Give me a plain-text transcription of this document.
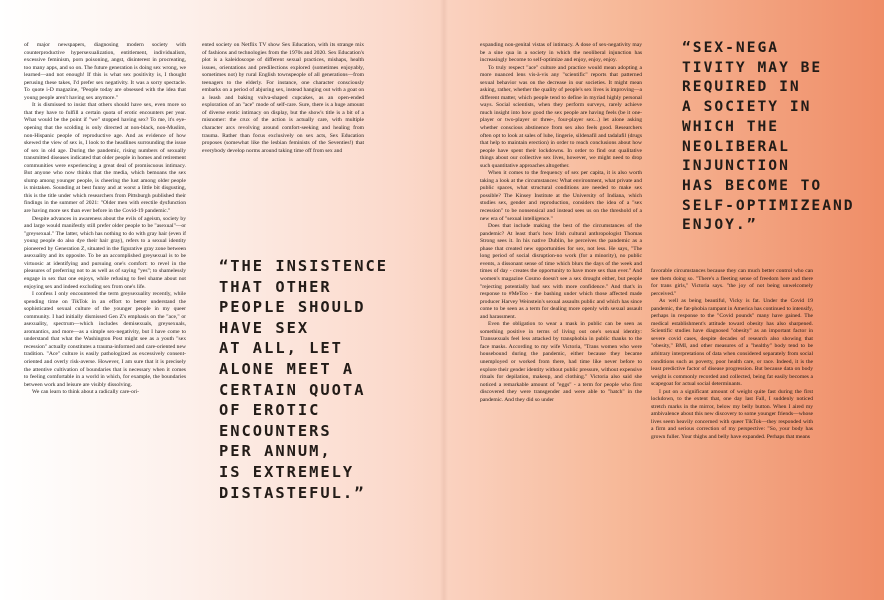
of major newspapers, diagnosing modern society with counterproductive hypersexualization, entitlement, individualism, excessive feminism, porn poisoning, angst, disinterest in procreating, too many apps, and so on. The future generation is doing sex wrong, we learned—and not enough! If this is what sex positivity is, I thought perusing these takes, I'd prefer sex negativity. It was a sorry spectacle. To quote i-D magazine, "People today are obsessed with the idea that young people aren't having sex anymore."

It is dismissed to insist that others should have sex, even more so that they have to fulfill a certain quota of erotic encounters per year. What would be the point if "we" stopped having sex? To me, it's eye-opening that the scolding is only directed at non-black, non-Muslim, non-Hispanic people of reproductive age. And as evidence of how skewed the view of sex is, I look to the headlines surrounding the issue of sex in old age. During the pandemic, rising numbers of sexually transmitted diseases indicated that older people in homes and retirement communities were experiencing a great deal of promiscuous intimacy. But anyone who now thinks that the media, which bemoans the sex slump among younger people, is cheering the lust among older people is mistaken. Sounding at best funny and at worst a little bit disgusting, this is the title under which researchers from Pittsburgh published their findings in the summer of 2021: "Older men with erectile dysfunction are having more sex than ever before in the Covid-19 pandemic."

Despite advances in awareness about the evils of ageism, society by and large would manifestly still prefer older people to be "asexual"—or "greysexual." The latter, which has nothing to do with gray hair (even if young people do also dye their hair gray), refers to a sexual identity pioneered by Generation Z, situated in the figurative gray zone between asexuality and its opposite. To be an accomplished greysexual is to be virtuosic at identifying and pursuing one's comfort: to revel in the pleasures of preferring not to as well as of saying "yes"; to shamelessly engage in sex that one enjoys, while refusing to feel shame about not enjoying sex and indeed excluding sex from one's life.

I confess I only encountered the term greysexuality recently, while spending time on TikTok in an effort to better understand the sophisticated sexual culture of the younger people in my queer community. I had initially dismissed Gen Z's emphasis on the "ace," or asexuality, spectrum—which includes demisexuals, greysexuals, aromantics, and more—as a simple sex-negativity, but I have come to understand that what the Washington Post might see as a youth "sex recession" actually constitutes a trauma-informed and care-oriented new tradition. "Ace" culture is easily pathologized as excessively consent-oriented and overly risk-averse. However, I am sure that it is precisely the attentive cultivation of boundaries that is necessary when it comes to feeling comfortable in a world in which, for example, the boundaries between work and leisure are visibly dissolving.

We can learn to think about a radically care-ori-

ented society on Netflix TV show Sex Education, with its strange mix of fashions and technologies from the 1970s and 2020. Sex Education's plot is a kaleidoscope of different sexual practices, mishaps, health issues, orientations and predilections explored (sometimes enjoyably, sometimes not) by rural English townspeople of all generations—from teenagers to the elderly. For instance, one character consciously embarks on a period of abjuring sex, instead hanging out with a goat on a leash and baking vulva-shaped cupcakes, as an open-ended exploration of an "ace" mode of self-care. Sure, there is a huge amount of diverse erotic intimacy on display, but the show's title is a bit of a misnomer: the crux of the action is actually care, with multiple character arcs revolving around comfort-seeking and healing from trauma. Rather than focus exclusively on sex acts, Sex Education proposes (somewhat like the lesbian feminists of the Seventies!) that everybody develop norms around taking time off from sex and

“THE INSISTENCE
THAT OTHER
PEOPLE SHOULD
HAVE SEX
AT ALL, LET
ALONE MEET A
CERTAIN QUOTA
OF EROTIC
ENCOUNTERS
PER ANNUM,
IS EXTREMELY
DISTASTEFUL.”

expanding non-genital vistas of intimacy. A dose of sex-negativity may be a sine qua in a society in which the neoliberal injunction has increasingly become to self-optimize and enjoy, enjoy, enjoy.

To truly respect "ace" culture and practice would mean adopting a more nuanced lens vis-à-vis any "scientific" reports that patterned sexual behavior was on the decrease in our societies. It might mean asking, rather, whether the quality of people's sex lives is improving—a different matter, which people tend to define in myriad highly personal ways. Social scientists, when they perform surveys, rarely achieve much insight into how good the sex people are having feels (be it one-player or two-player or three-, four-player sex...) let alone asking whether conscious abstinence from sex also feels good. Researchers often opt to look at sales of lube, lingerie, sildenafil and tadalafil (drugs that help to maintain erection) in order to reach conclusions about how people have spent their lockdowns. In order to find out qualitative things about our collective sex lives, however, we might need to drop such quantitative approaches altogether.

When it comes to the frequency of sex per capita, it is also worth taking a look at the circumstances: What environment, what private and public spaces, what structural conditions are needed to make sex possible? The Kinsey Institute at the University of Indiana, which studies sex, gender and reproduction, considers the idea of a "sex recession" to be nonsensical and instead sees us on the threshold of a new era of "sexual intelligence."

Does that include making the best of the circumstances of the pandemic? At least that's how Irish cultural anthropologist Thomas Strong sees it. In his native Dublin, he perceives the pandemic as a phase that created new opportunities for sex, not less. He says, "The long period of social disruption-no work (for a minority), no public events, a dissonant sense of time which blurs the days of the week and times of day - creates the opportunity to have more sex than ever." And women's magazine Cosmo doesn't see a sex drought either, but people "rejecting potentially bad sex with more confidence." And that's in response to #MeToo - the bashing under which those affected made producer Harvey Weinstein's sexual assaults public and which has since come to be seen as a term for dealing more openly with sexual assault and harassment.

Even the obligation to wear a mask in public can be seen as something positive in terms of living out one's sexual identity: Transsexuals feel less attacked by transphobia in public thanks to the face masks. According to my wife Victoria, "Trans women who were housebound during the pandemic, either because they became unemployed or worked from there, had time like never before to explore their gender identity without public pressure, without expensive rituals for depilation, makeup, and clothing." Victoria also said she noticed a remarkable amount of "eggs" - a term for people who first discovered they were transgender and were able to "hatch" in the pandemic. And they did so under

“SEX-NEGA
TIVITY MAY BE
REQUIRED IN
A SOCIETY IN
WHICH THE
NEOLIBERAL
INJUNCTION
HAS BECOME TO
SELF-OPTIMIZEAND
ENJOY.”

favorable circumstances because they can much better control who can see them doing so. "There's a fleeting sense of freedom here and there for trans girls," Victoria says. "the joy of not being unwelcomely perceived."

As well as being beautiful, Vicky is fat. Under the Covid 19 pandemic, the fat-phobia rampant in America has continued to intensify, perhaps in response to the "Covid pounds" many have gained. The medical establishment's attitude toward obesity has also sharpened. Scientific studies have diagnosed "obesity" as an important factor in severe covid cases, despite decades of research also showing that "obesity," BMI, and other measures of a "healthy" body tend to be arbitrary interpretations of data when considered separately from social conditions such as poverty, poor health care, or race. Indeed, it is the least predictive factor of disease progression. But because data on body weight is commonly recorded and collected, being fat easily becomes a scapegoat for actual social determinants.

I put on a significant amount of weight quite fast during the first lockdown, to the extent that, one day last Fall, I suddenly noticed stretch marks in the mirror, below my belly button. When I aired my ambivalence about this new discovery to some younger friends—whose lives seem heavily concerned with queer TikTok—they responded with a firm and serious correction of my perspective: "So, your body has grown fuller. Your thighs and belly have expanded. Perhaps that means
